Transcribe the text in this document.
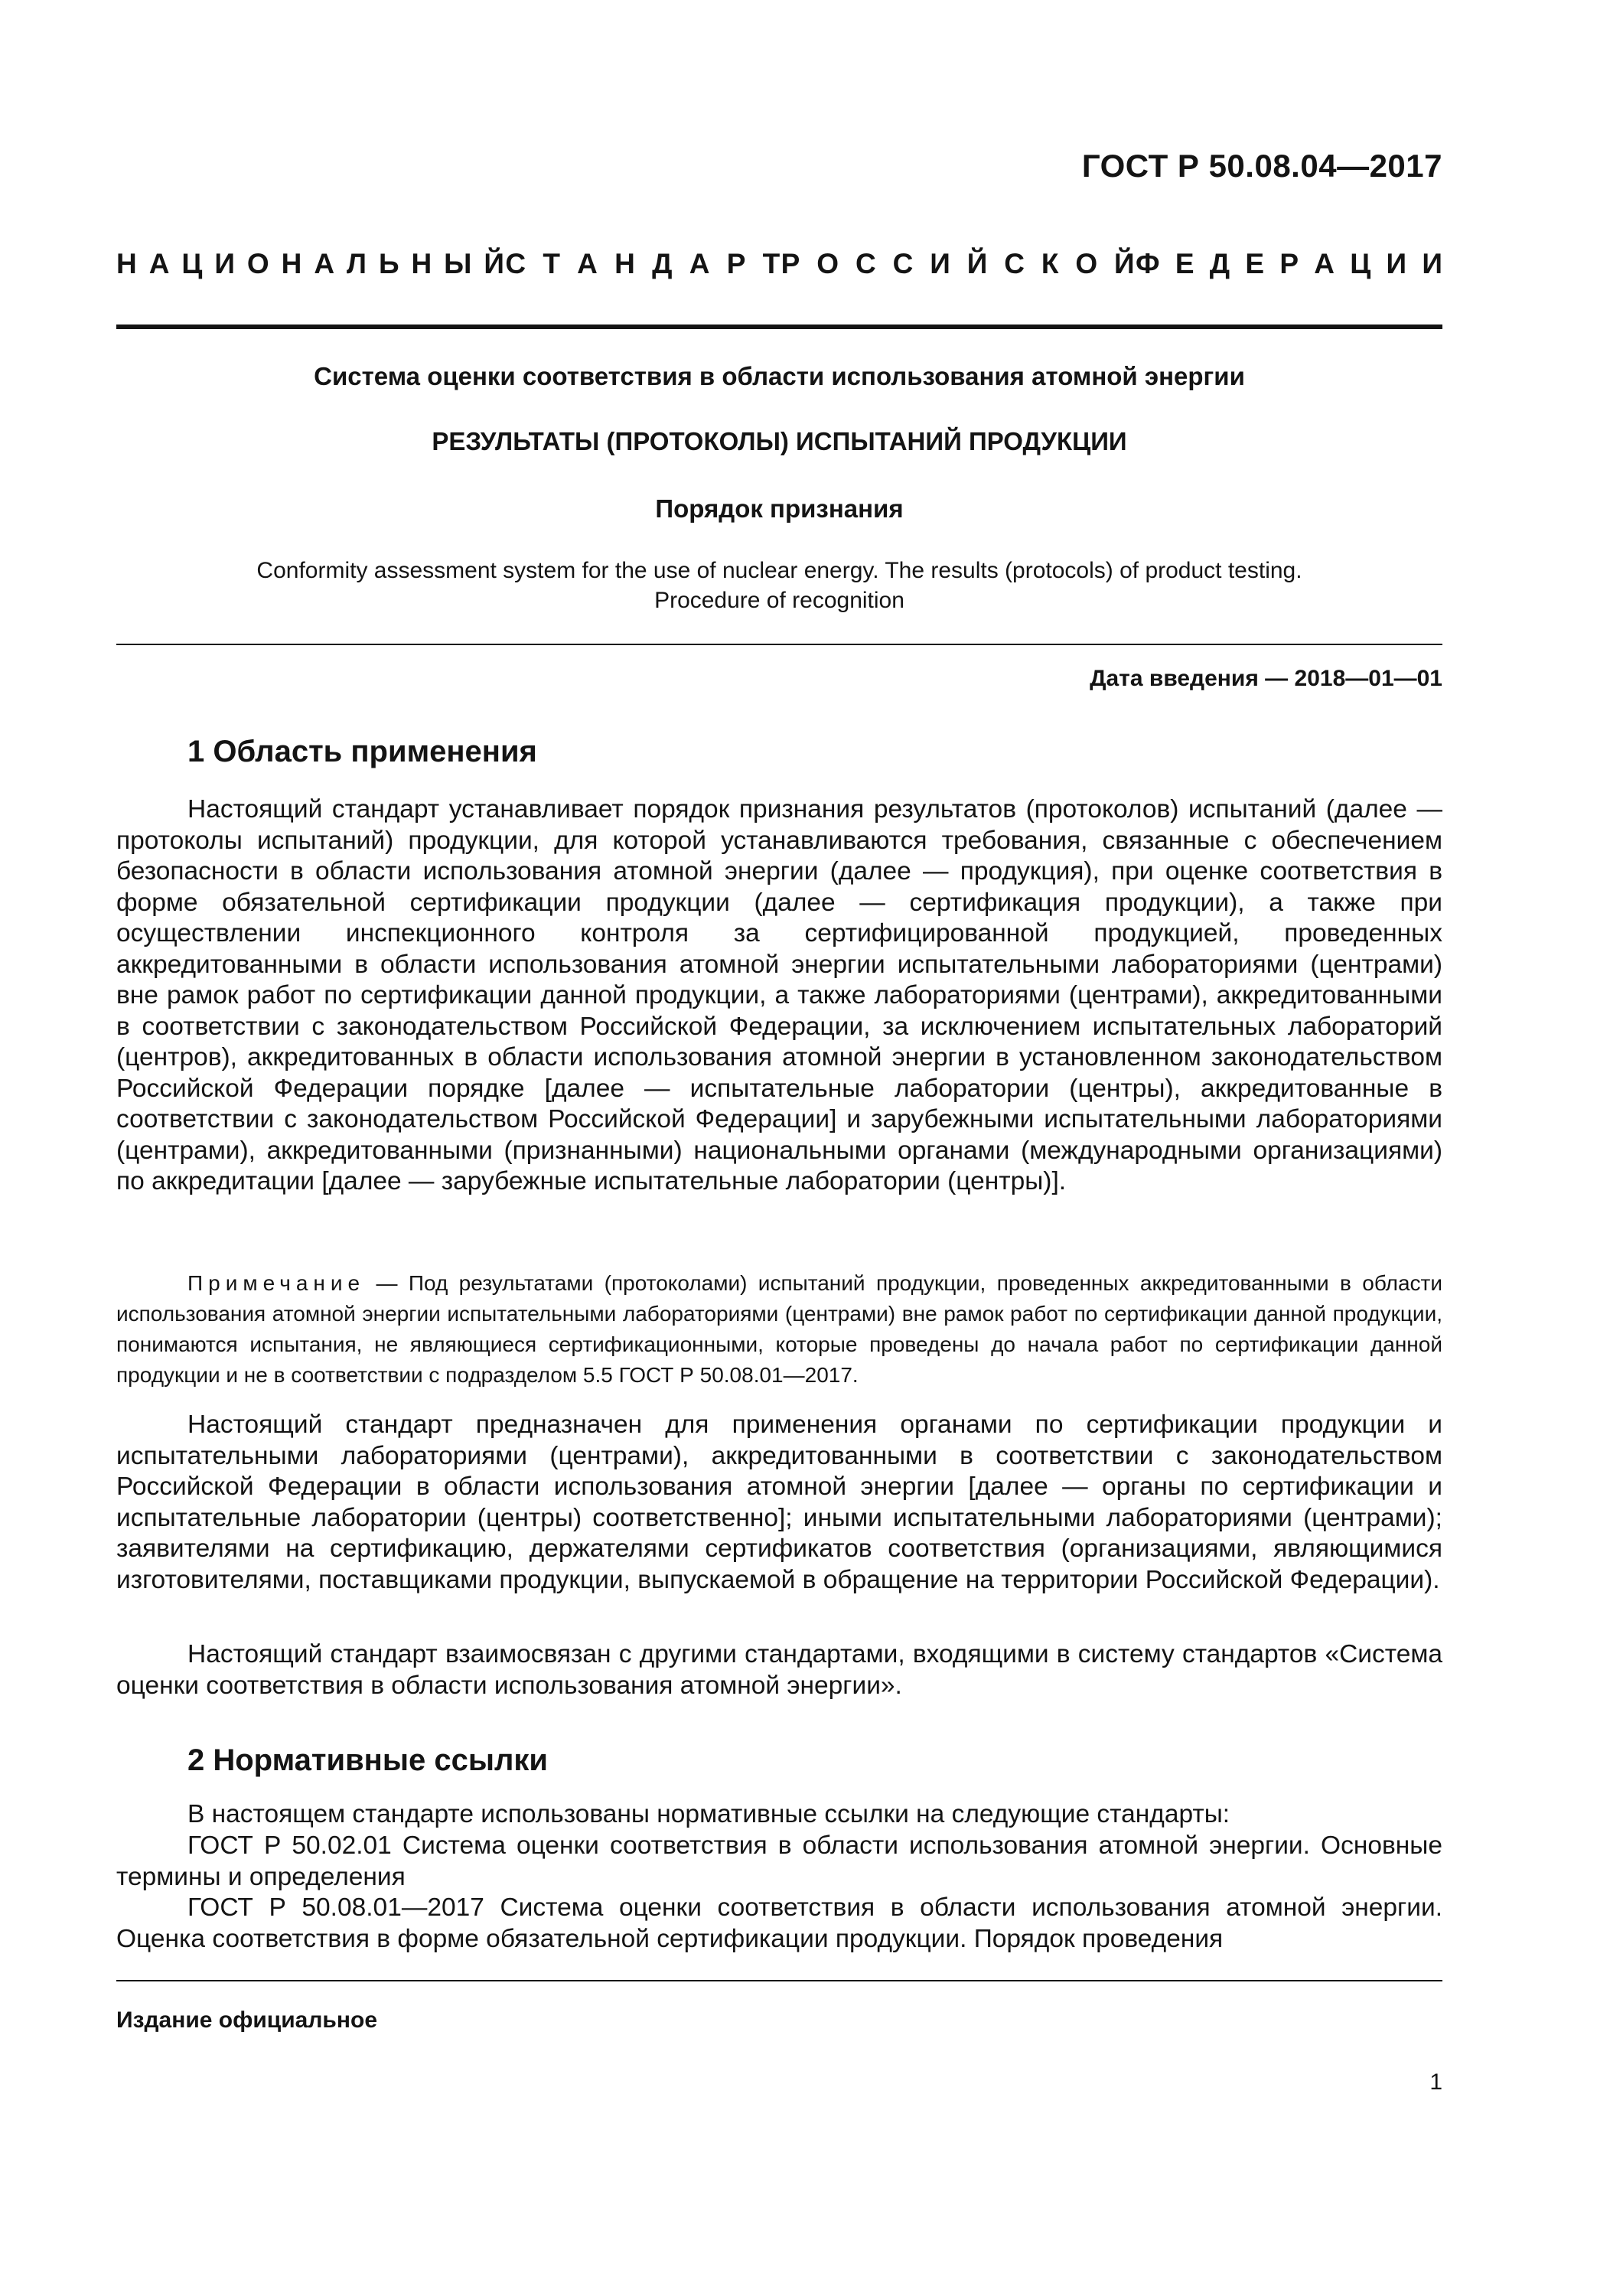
ГОСТ Р 50.08.04—2017
Н А Ц И О Н А Л Ь Н Ы Й С Т А Н Д А Р Т Р О С С И Й С К О Й Ф Е Д Е Р А Ц И И
Система оценки соответствия в области использования атомной энергии
РЕЗУЛЬТАТЫ (ПРОТОКОЛЫ) ИСПЫТАНИЙ ПРОДУКЦИИ
Порядок признания
Conformity assessment system for the use of nuclear energy. The results (protocols) of product testing.
Procedure of recognition
Дата введения — 2018—01—01
1 Область применения

Настоящий стандарт устанавливает порядок признания результатов (протоколов) испытаний (далее — протоколы испытаний) продукции, для которой устанавливаются требования, связанные с обеспечением безопасности в области использования атомной энергии (далее — продукция), при оценке соответствия в форме обязательной сертификации продукции (далее — сертификация продукции), а также при осуществлении инспекционного контроля за сертифицированной продукцией, проведенных аккредитованными в области использования атомной энергии испытательными лабораториями (центрами) вне рамок работ по сертификации данной продукции, а также лабораториями (центрами), аккредитованными в соответствии с законодательством Российской Федерации, за исключением испытательных лабораторий (центров), аккредитованных в области использования атомной энергии в установленном законодательством Российской Федерации порядке [далее — испытательные лаборатории (центры), аккредитованные в соответствии с законодательством Российской Федерации] и зарубежными испытательными лабораториями (центрами), аккредитованными (признанными) национальными органами (международными организациями) по аккредитации [далее — зарубежные испытательные лаборатории (центры)].

Примечание — Под результатами (протоколами) испытаний продукции, проведенных аккредитованными в области использования атомной энергии испытательными лабораториями (центрами) вне рамок работ по сертификации данной продукции, понимаются испытания, не являющиеся сертификационными, которые проведены до начала работ по сертификации данной продукции и не в соответствии с подразделом 5.5 ГОСТ Р 50.08.01—2017.

Настоящий стандарт предназначен для применения органами по сертификации продукции и испытательными лабораториями (центрами), аккредитованными в соответствии с законодательством Российской Федерации в области использования атомной энергии [далее — органы по сертификации и испытательные лаборатории (центры) соответственно]; иными испытательными лабораториями (центрами); заявителями на сертификацию, держателями сертификатов соответствия (организациями, являющимися изготовителями, поставщиками продукции, выпускаемой в обращение на территории Российской Федерации).

Настоящий стандарт взаимосвязан с другими стандартами, входящими в систему стандартов «Система оценки соответствия в области использования атомной энергии».

2 Нормативные ссылки

В настоящем стандарте использованы нормативные ссылки на следующие стандарты:

ГОСТ Р 50.02.01 Система оценки соответствия в области использования атомной энергии. Основные термины и определения

ГОСТ Р 50.08.01—2017 Система оценки соответствия в области использования атомной энергии. Оценка соответствия в форме обязательной сертификации продукции. Порядок проведения

Издание официальное
1
